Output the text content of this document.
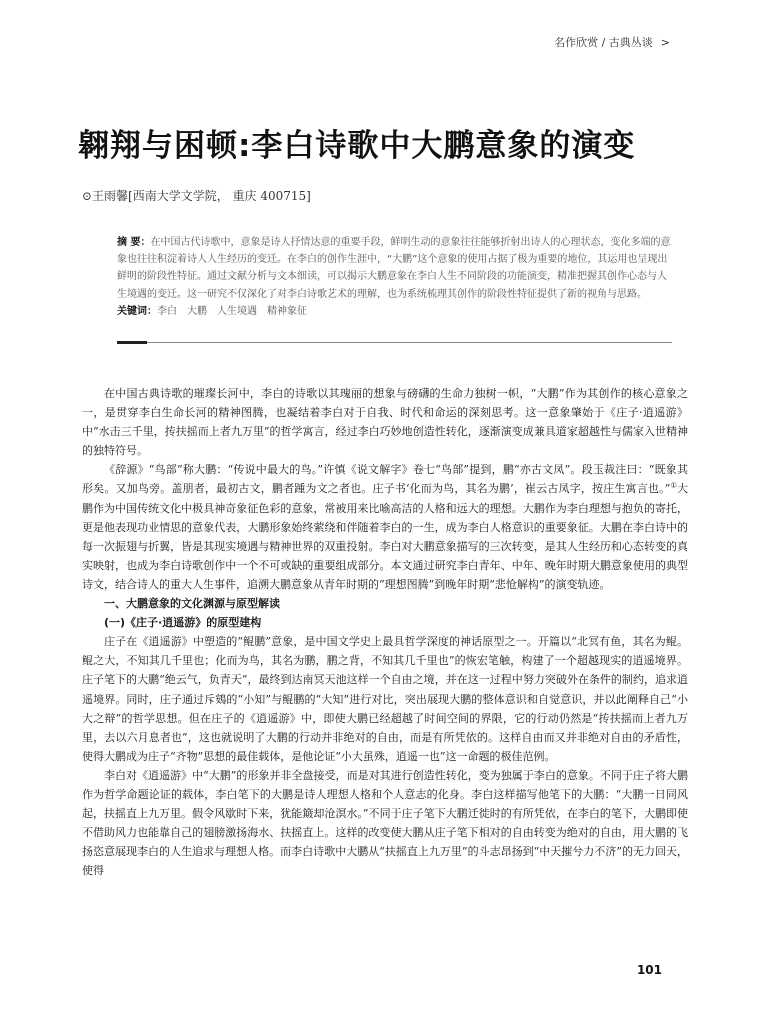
名作欣赏 / 古典丛谈 >
翱翔与困顿:李白诗歌中大鹏意象的演变
⊙王雨馨[西南大学文学院， 重庆 400715]
摘 要：在中国古代诗歌中，意象是诗人抒情达意的重要手段，鲜明生动的意象往往能够折射出诗人的心理状态，变化多端的意象也往往积淀着诗人人生经历的变迁。在李白的创作生涯中，“大鹏”这个意象的使用占据了极为重要的地位，其运用也呈现出鲜明的阶段性特征。通过文献分析与文本细读，可以揭示大鹏意象在李白人生不同阶段的功能演变，精准把握其创作心态与人生境遇的变迁。这一研究不仅深化了对李白诗歌艺术的理解，也为系统梳理其创作的阶段性特征提供了新的视角与思路。
关键词：李白 大鹏 人生境遇 精神象征

在中国古典诗歌的璀璨长河中，李白的诗歌以其瑰丽的想象与磅礴的生命力独树一帜，“大鹏”作为其创作的核心意象之一，是贯穿李白生命长河的精神图腾，也凝结着李白对于自我、时代和命运的深刻思考。这一意象肇始于《庄子·逍遥游》中“水击三千里，抟扶摇而上者九万里”的哲学寓言，经过李白巧妙地创造性转化，逐渐演变成兼具道家超越性与儒家入世精神的独特符号。

《辞源》“鸟部”称大鹏：“传说中最大的鸟。”许慎《说文解字》卷七“鸟部”提到，鹏“亦古文凤”。段玉裁注曰：“既象其形矣。又加鸟旁。盖朋者，最初古文，鹏者踵为文之者也。庄子书‘化而为鸟，其名为鹏’，崔云古凤字，按庄生寓言也。”①大鹏作为中国传统文化中极具神奇象征色彩的意象，常被用来比喻高洁的人格和远大的理想。大鹏作为李白理想与抱负的寄托，更是他表现功业情思的意象代表，大鹏形象始终萦绕和伴随着李白的一生，成为李白人格意识的重要象征。大鹏在李白诗中的每一次振翅与折翼，皆是其现实境遇与精神世界的双重投射。李白对大鹏意象描写的三次转变，是其人生经历和心态转变的真实映射，也成为李白诗歌创作中一个不可或缺的重要组成部分。本文通过研究李白青年、中年、晚年时期大鹏意象使用的典型诗文，结合诗人的重大人生事件，追溯大鹏意象从青年时期的“理想图腾”到晚年时期“悲怆解构”的演变轨迹。

一、大鹏意象的文化渊源与原型解读
(一)《庄子·逍遥游》的原型建构

庄子在《逍遥游》中塑造的“鲲鹏”意象，是中国文学史上最具哲学深度的神话原型之一。开篇以“北冥有鱼，其名为鲲。鲲之大，不知其几千里也；化而为鸟，其名为鹏，鹏之背，不知其几千里也”的恢宏笔触，构建了一个超越现实的逍遥境界。庄子笔下的大鹏“绝云气，负青天”，最终到达南冥天池这样一个自由之境，并在这一过程中努力突破外在条件的制约，追求逍遥境界。同时，庄子通过斥鴳的“小知”与鲲鹏的“大知”进行对比，突出展现大鹏的整体意识和自觉意识，并以此阐释自己“小大之辩”的哲学思想。但在庄子的《逍遥游》中，即使大鹏已经超越了时间空间的界限，它的行动仍然是“抟扶摇而上者九万里，去以六月息者也”，这也就说明了大鹏的行动并非绝对的自由，而是有所凭依的。这样自由而又并非绝对自由的矛盾性，使得大鹏成为庄子“齐物”思想的最佳载体，是他论证“小大虽殊，逍遥一也”这一命题的极佳范例。

李白对《逍遥游》中“大鹏”的形象并非全盘接受，而是对其进行创造性转化，变为独属于李白的意象。不同于庄子将大鹏作为哲学命题论证的载体，李白笔下的大鹏是诗人理想人格和个人意志的化身。李白这样描写他笔下的大鹏：“大鹏一日同风起，扶摇直上九万里。假令风歇时下来，犹能簸却沧溟水。”不同于庄子笔下大鹏迁徙时的有所凭依，在李白的笔下，大鹏即使不借助风力也能靠自己的翅膀激扬海水、扶摇直上。这样的改变使大鹏从庄子笔下相对的自由转变为绝对的自由，用大鹏的飞扬恣意展现李白的人生追求与理想人格。而李白诗歌中大鹏从“扶摇直上九万里”的斗志昂扬到“中天摧兮力不济”的无力回天，使得

101
